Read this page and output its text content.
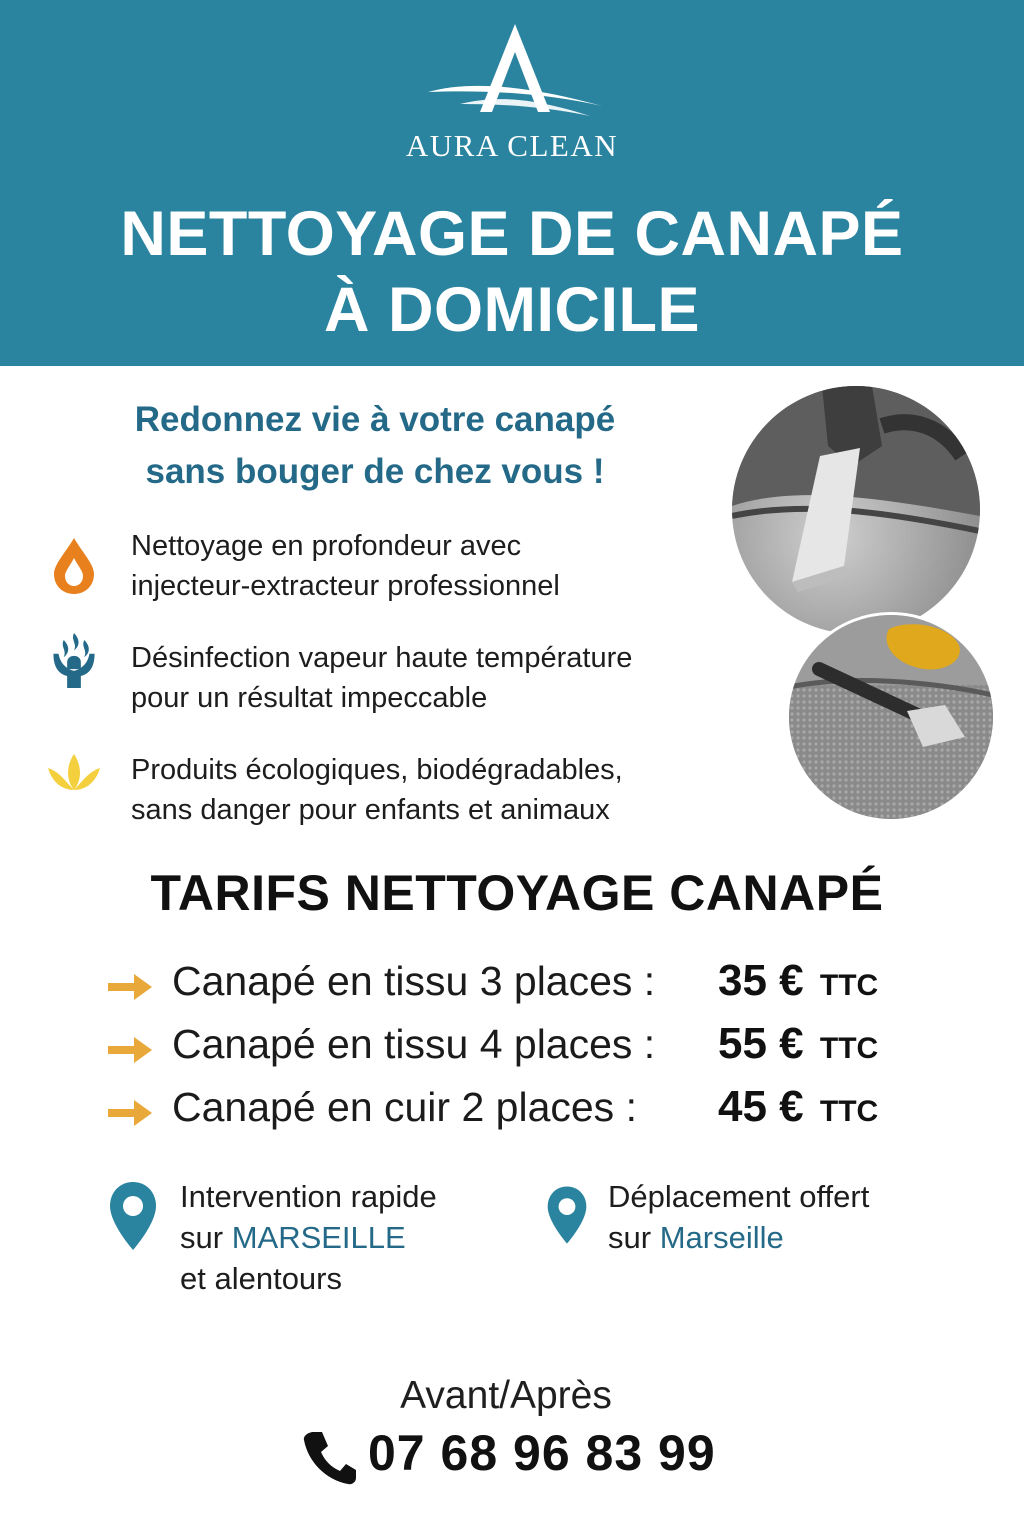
AURA CLEAN
NETTOYAGE DE CANAPÉ
À DOMICILE
Redonnez vie à votre canapé
sans bouger de chez vous !
Nettoyage en profondeur avec
injecteur-extracteur professionnel
Désinfection vapeur haute température
pour un résultat impeccable
Produits écologiques, biodégradables,
sans danger pour enfants et animaux
TARIFS NETTOYAGE CANAPÉ
Canapé en tissu 3 places : 35 € TTC
Canapé en tissu 4 places : 55 € TTC
Canapé en cuir 2 places : 45 € TTC
Intervention rapide
sur MARSEILLE
et alentours
Déplacement offert
sur Marseille
Avant/Après
07 68 96 83 99
